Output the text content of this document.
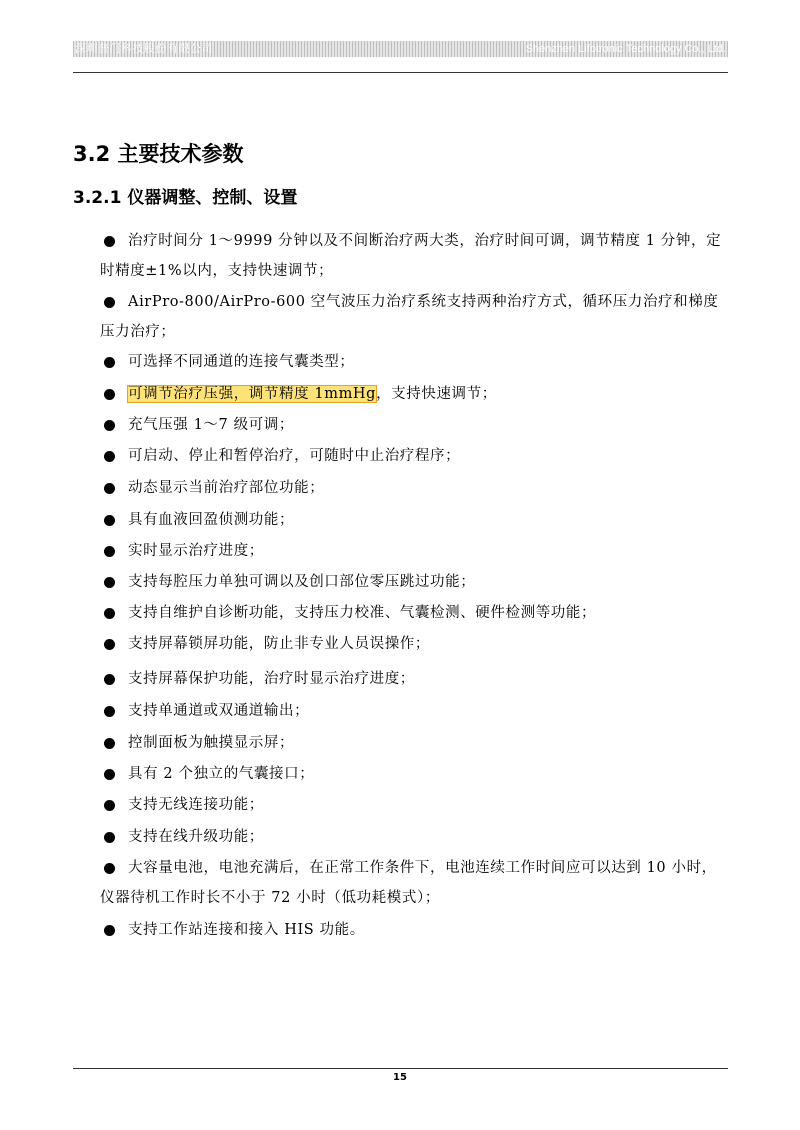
深圳普门科技股份有限公司	Shenzhen Lifotronic Technology Co., Ltd.
3.2 主要技术参数
3.2.1 仪器调整、控制、设置
治疗时间分 1～9999 分钟以及不间断治疗两大类，治疗时间可调，调节精度 1 分钟，定时精度±1%以内，支持快速调节；
AirPro-800/AirPro-600 空气波压力治疗系统支持两种治疗方式，循环压力治疗和梯度压力治疗；
可选择不同通道的连接气囊类型；
可调节治疗压强，调节精度 1mmHg，支持快速调节；
充气压强 1～7 级可调；
可启动、停止和暂停治疗，可随时中止治疗程序；
动态显示当前治疗部位功能；
具有血液回盈侦测功能；
实时显示治疗进度；
支持每腔压力单独可调以及创口部位零压跳过功能；
支持自维护自诊断功能，支持压力校准、气囊检测、硬件检测等功能；
支持屏幕锁屏功能，防止非专业人员误操作；
支持屏幕保护功能，治疗时显示治疗进度；
支持单通道或双通道输出；
控制面板为触摸显示屏；
具有 2 个独立的气囊接口；
支持无线连接功能；
支持在线升级功能；
大容量电池，电池充满后，在正常工作条件下，电池连续工作时间应可以达到 10 小时，仪器待机工作时长不小于 72 小时（低功耗模式）；
支持工作站连接和接入 HIS 功能。
15
